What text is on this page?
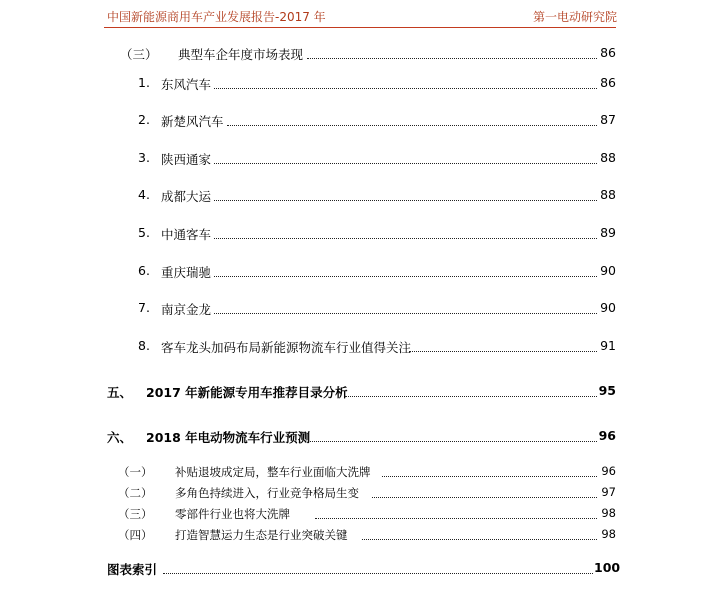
中国新能源商用车产业发展报告-2017 年	第一电动研究院
（三） 典型车企年度市场表现	86
1. 东风汽车	86
2. 新楚风汽车	87
3. 陕西通家	88
4. 成都大运	88
5. 中通客车	89
6. 重庆瑞驰	90
7. 南京金龙	90
8. 客车龙头加码布局新能源物流车行业值得关注	91
五、 2017 年新能源专用车推荐目录分析	95
六、 2018 年电动物流车行业预测	96
（一） 补贴退坡成定局，整车行业面临大洗牌	96
（二） 多角色持续进入，行业竞争格局生变	97
（三） 零部件行业也将大洗牌	98
（四） 打造智慧运力生态是行业突破关键	98
图表索引	100
